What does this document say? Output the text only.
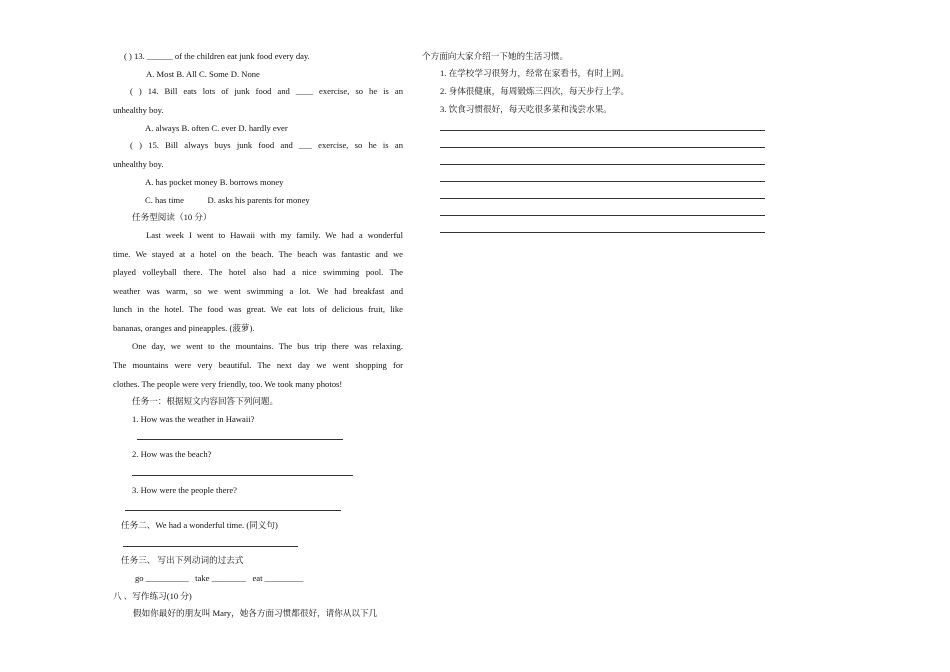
( ) 13. ______ of the children eat junk food every day.
A. Most B. All C. Some D. None
( ) 14. Bill eats lots of junk food and ____ exercise, so he is an
unhealthy boy.
A. always B. often C. ever D. hardly ever
( ) 15. Bill always buys junk food and ___ exercise, so he is an
unhealthy boy.
A. has pocket money B. borrows money
C. has time           D. asks his parents for money
任务型阅读（10 分）
Last week I went to Hawaii with my family. We had a wonderful
time. We stayed at a hotel on the beach. The beach was fantastic and we
played volleyball there. The hotel also had a nice swimming pool. The
weather was warm, so we went swimming a lot. We had breakfast and
lunch in the hotel. The food was great. We eat lots of delicious fruit, like
bananas, oranges and pineapples. (菠萝).
One day, we went to the mountains. The bus trip there was relaxing.
The mountains were very beautiful. The next day we went shopping for
clothes. The people were very friendly, too. We took many photos!
任务一：根据短文内容回答下列问题。
1. How was the weather in Hawaii?
2. How was the beach?
3. How were the people there?
任务二、We had a wonderful time. (同义句)
任务三、 写出下列动词的过去式
go __________   take ________   eat _________
八 、写作练习(10 分)
假如你最好的朋友叫 Mary，她各方面习惯都很好，请你从以下几
个方面向大家介绍一下她的生活习惯。
1. 在学校学习很努力，经常在家看书，有时上网。
2. 身体很健康，每周锻炼三四次，每天步行上学。
3. 饮食习惯很好，每天吃很多菜和浅尝水果。
